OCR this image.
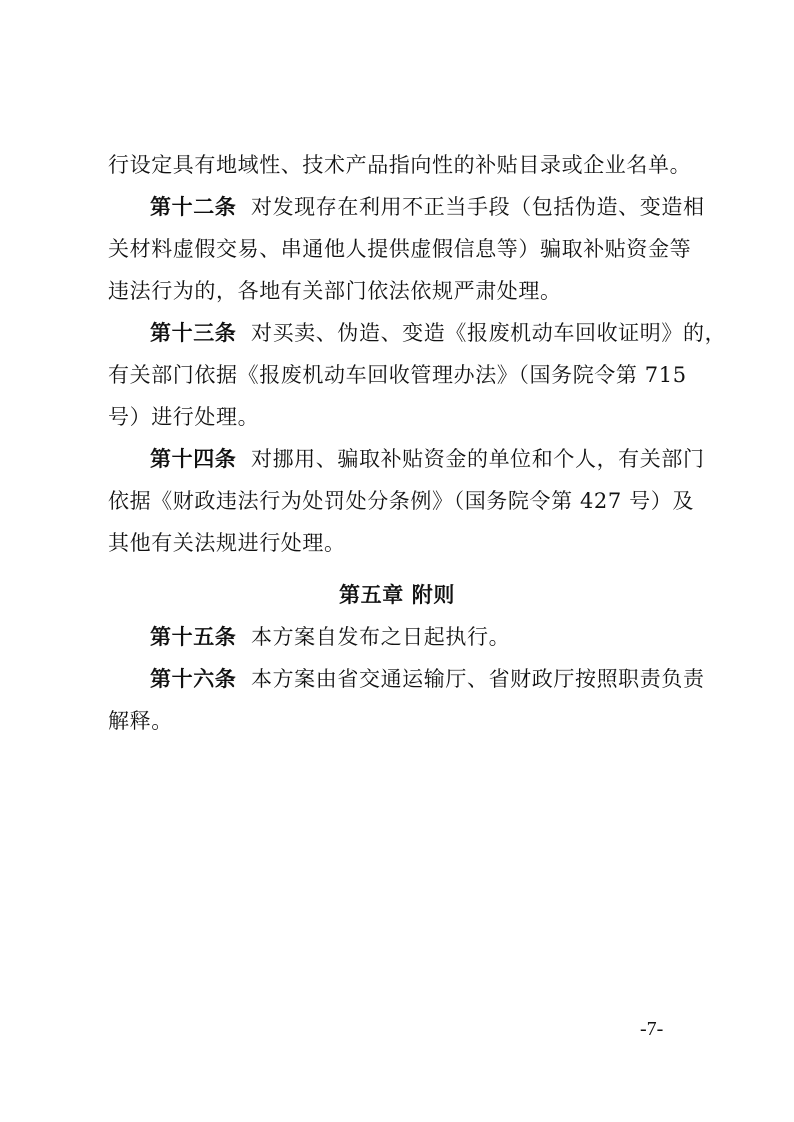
行设定具有地域性、技术产品指向性的补贴目录或企业名单。
第十二条 对发现存在利用不正当手段（包括伪造、变造相
关材料虚假交易、串通他人提供虚假信息等）骗取补贴资金等
违法行为的，各地有关部门依法依规严肃处理。
第十三条 对买卖、伪造、变造《报废机动车回收证明》的，
有关部门依据《报废机动车回收管理办法》（国务院令第 715
号）进行处理。
第十四条 对挪用、骗取补贴资金的单位和个人，有关部门
依据《财政违法行为处罚处分条例》（国务院令第 427 号）及
其他有关法规进行处理。
第五章 附则
第十五条 本方案自发布之日起执行。
第十六条 本方案由省交通运输厅、省财政厅按照职责负责
解释。
-7-
